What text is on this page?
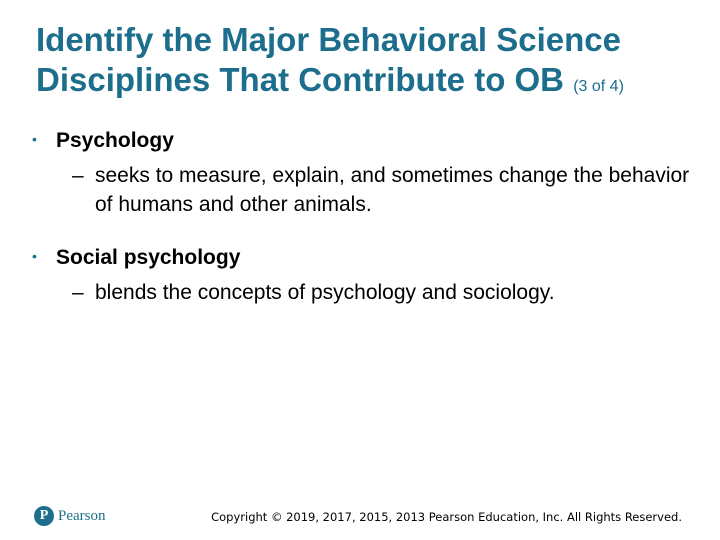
Identify the Major Behavioral Science Disciplines That Contribute to OB (3 of 4)

• Psychology

– seeks to measure, explain, and sometimes change the behavior of humans and other animals.

• Social psychology

– blends the concepts of psychology and sociology.

P Pearson	Copyright © 2019, 2017, 2015, 2013 Pearson Education, Inc. All Rights Reserved.
